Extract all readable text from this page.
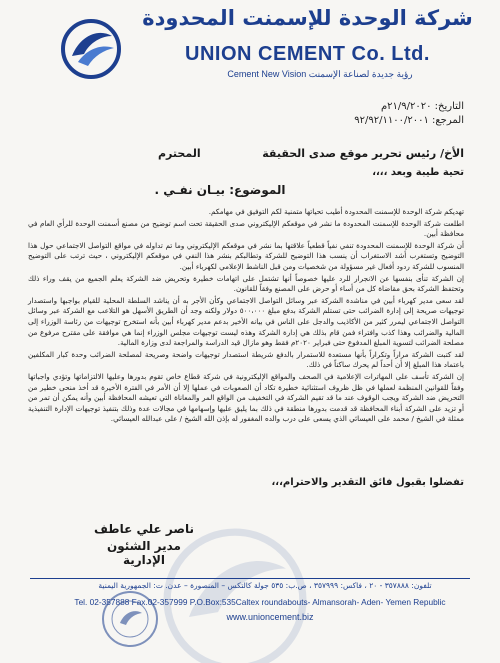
شركة الوحدة للإسمنت المحدودة
UNION CEMENT Co. Ltd.
Cement New Vision رؤية جديدة لصناعة الإسمنت
التاريخ: ٢١/٩/٢٠٢٠م
المرجع: ٩٢/٩٢/١١٠٠/٢٠٠١
الأخ/ رئيس تحرير موقع صدى الحقيقة
المحترم
تحية طيبة وبعد ،،،،
الموضوع: بيـان نفـي .

تهديكم شركة الوحدة للإسمنت المحدودة أطيب تحياتها متمنية لكم التوفيق في مهامكم.

اطلعت شركة الوحدة للإسمنت المحدودة ما نشر في موقعكم الإليكتروني صدى الحقيقة تحت اسم توضيح من مصنع أسمنت الوحدة للرأي العام في محافظة أبين.

أن شركة الوحدة للإسمنت المحدودة تنفي نفياً قطعياً علاقتها بما نشر في موقعكم الإليكتروني وما تم تداوله في مواقع التواصل الاجتماعي حول هذا التوضيح وتستغرب أشد الاستغراب أن ينسب هذا التوضيح للشركة وتطالبكم بنشر هذا النفي في موقعكم الإليكتروني ، حيث ترتب على التوضيح المنسوب للشركة ردود أفعال غير مسؤولة من شخصيات ومن قبل الناشط الإعلامي لكهرباء أبين.

إن الشركة تنأى بنفسها عن الانجرار للرد عليها خصوصاً أنها تشتمل على اتهامات خطيرة وتحريض ضد الشركة يعلم الجميع من يقف وراء ذلك وتحتفظ الشركة بحق مقاضاة كل من أساء أو حرض على المصنع وفقاً للقانون.

لقد سعى مدير كهرباء أبين في مناشدة الشركة عبر وسائل التواصل الاجتماعي وكأن الأجر به أن يناشد السلطة المحلية للقيام بواجبها واستصدار توجيهات صريحة إلى إدارة الضرائب حتى تستلم الشركة بدفع مبلغ ٥٠٠،٠٠٠ دولار ولكنه وجد أن الطريق الأسهل هو التلاعب مع الشركة عبر وسائل التواصل الاجتماعي ليمرر كثير من الأكاذيب والدجل على الناس في بيانه الأخير بدعم مدير كهرباء أبين بأنه استخرج توجيهات من رئاسة الوزراء إلى المالية والضرائب وهذا كذب وافتراء فمن قام بذلك هي إدارة الشركة وهذه ليست توجيهات مجلس الوزراء إنما هي موافقة على مقترح مرفوع من مصلحة الضرائب لتسوية المبلغ المدفوع حتى فبراير ٢٠٢٠م فقط وهو مازال قيد الدراسة والمراجعة لدى وزارة المالية.

لقد كتبت الشركة مراراً وتكراراً بأنها مستعدة للاستمرار بالدفع شريطة استصدار توجيهات واضحة وصريحة لمصلحة الضرائب وحدة كبار المكلفين باعتماد هذا المبلغ إلا أن أحداً لم يحرك ساكناً في ذلك.

إن الشركة تأسف على المهاترات الإعلامية في الصحف والمواقع الإليكترونية في شركة قطاع خاص تقوم بدورها وعليها الالتزاماتها وتؤدي واجباتها وفقاً للقوانين المنظمة لعملها في ظل ظروف استثنائية خطيرة تكاد أن الصعوبات في عملها إلا أن الأمر في الفترة الأخيرة قد أخذ منحى خطير من التحريض ضد الشركة ويجب الوقوف عند ما قد تقيم الشركة في التخفيف من الواقع المر والمعاناة التي تعيشه المحافظة أبين وأنه يمكن أن تمر من أو تزيد على الشركة أبناء المحافظة قد قدمت بدورها منطقة في ذلك بما يليق عليها وإسهامها في مجالات عدة وذلك بتنفيذ توجيهات الإدارة التنفيذية ممثلة في الشيخ / محمد على العيسائي الذي يسعى على درب والده المغفور له بإذن الله الشيخ / على عبدالله العيسائي.

تفضلوا بقبول فائق التقدير والاحترام،،،
ناصر علي عاطف
مدير الشئون الإدارية
تلفون: ٣٥٧٨٨٨ - ٢٠ ، فاكس: ٣٥٧٩٩٩ ، ص.ب: ٥٣٥ جولة كالتكس – المنصورة – عدن. ت: الجمهورية اليمنية
Tel. 02-357888 Fax.02-357999 P.O.Box:535Caltex roundabouts- Almansorah- Aden- Yemen Republic
www.unioncement.biz
